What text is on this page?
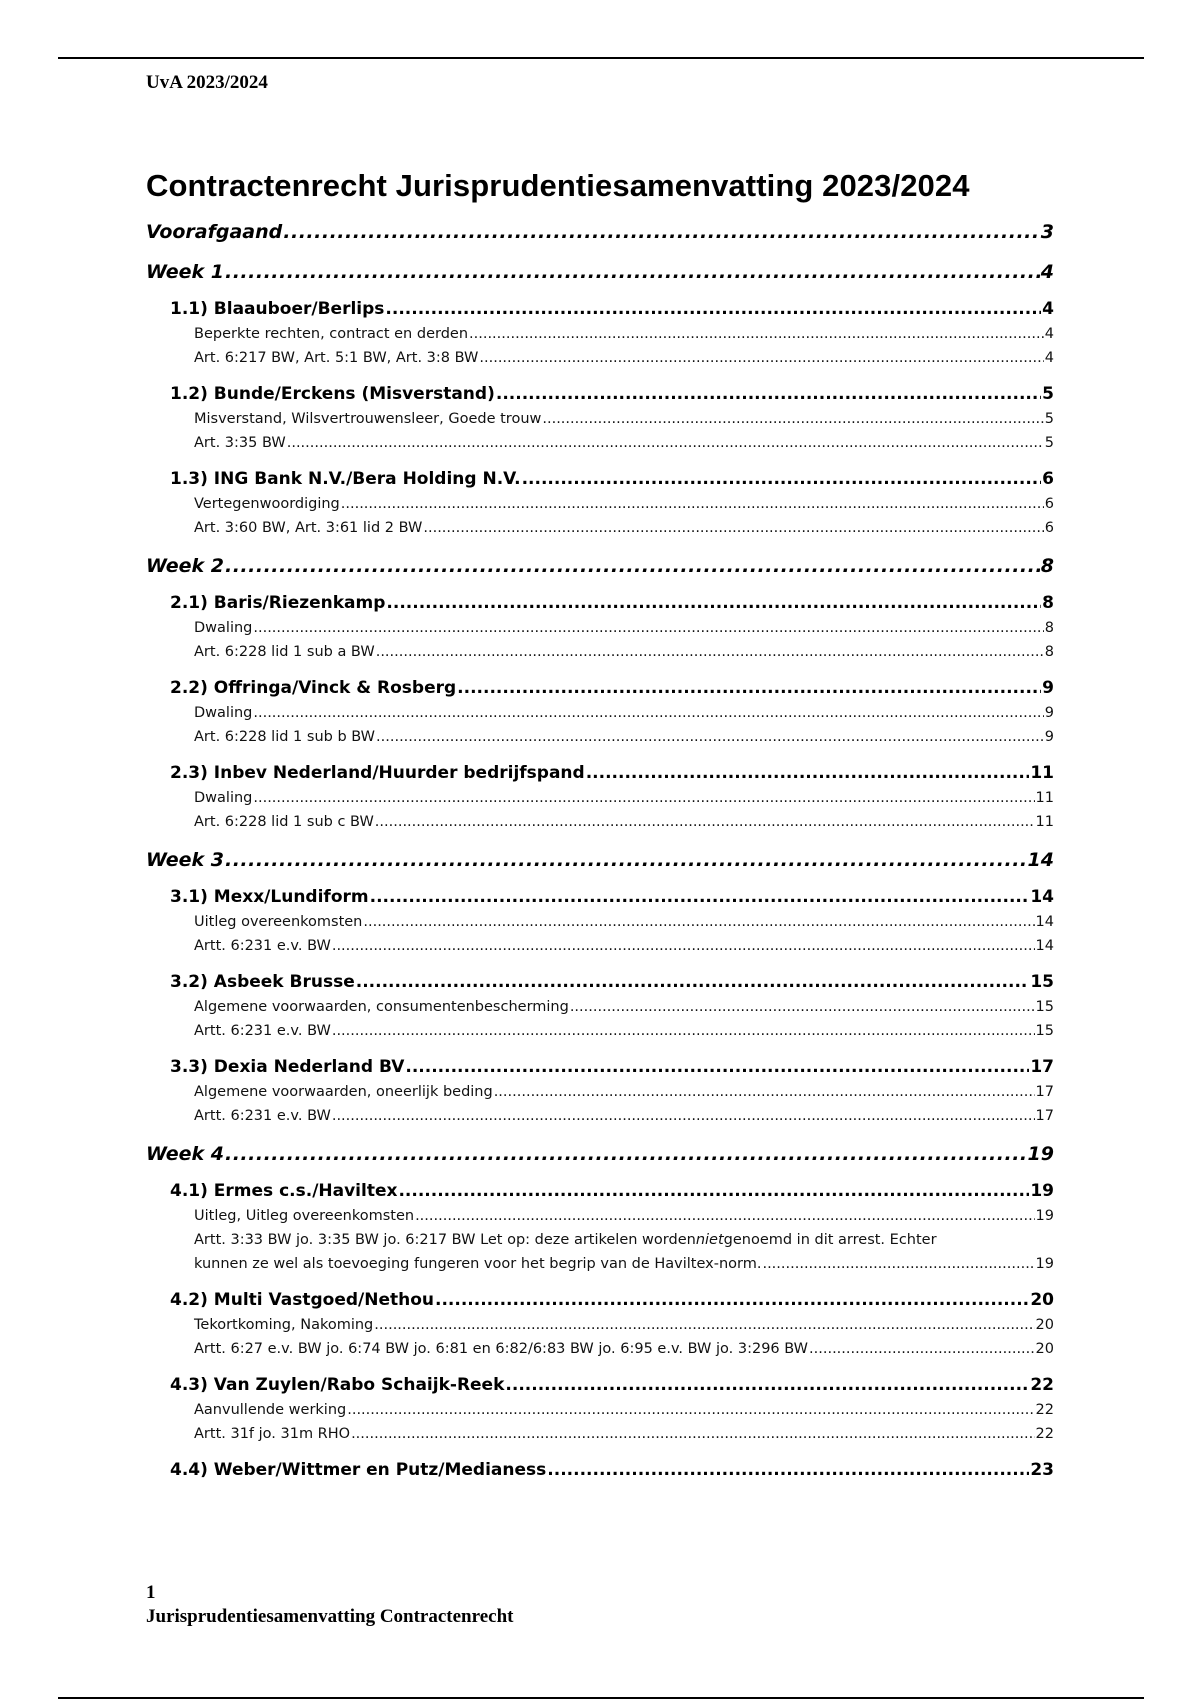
UvA 2023/2024
Contractenrecht Jurisprudentiesamenvatting 2023/2024
Voorafgaand .....	3
Week 1 .....	4
1.1) Blaauboer/Berlips .....	4
Beperkte rechten, contract en derden .....	4
Art. 6:217 BW, Art. 5:1 BW, Art. 3:8 BW .....	4
1.2) Bunde/Erckens (Misverstand) .....	5
Misverstand, Wilsvertrouwensleer, Goede trouw .....	5
Art. 3:35 BW .....	5
1.3) ING Bank N.V./Bera Holding N.V. .....	6
Vertegenwoordiging .....	6
Art. 3:60 BW, Art. 3:61 lid 2 BW .....	6
Week 2 .....	8
2.1) Baris/Riezenkamp .....	8
Dwaling .....	8
Art. 6:228 lid 1 sub a BW .....	8
2.2) Offringa/Vinck & Rosberg .....	9
Dwaling .....	9
Art. 6:228 lid 1 sub b BW .....	9
2.3) Inbev Nederland/Huurder bedrijfspand .....	11
Dwaling .....	11
Art. 6:228 lid 1 sub c BW .....	11
Week 3 .....	14
3.1) Mexx/Lundiform .....	14
Uitleg overeenkomsten .....	14
Artt. 6:231 e.v. BW .....	14
3.2) Asbeek Brusse .....	15
Algemene voorwaarden, consumentenbescherming .....	15
Artt. 6:231 e.v. BW .....	15
3.3) Dexia Nederland BV .....	17
Algemene voorwaarden, oneerlijk beding .....	17
Artt. 6:231 e.v. BW .....	17
Week 4 .....	19
4.1) Ermes c.s./Haviltex .....	19
Uitleg, Uitleg overeenkomsten .....	19
Artt. 3:33 BW jo. 3:35 BW jo. 6:217 BW Let op: deze artikelen worden niet genoemd in dit arrest. Echter
kunnen ze wel als toevoeging fungeren voor het begrip van de Haviltex-norm. .....	19
4.2) Multi Vastgoed/Nethou .....	20
Tekortkoming, Nakoming .....	20
Artt. 6:27 e.v. BW jo. 6:74 BW jo. 6:81 en 6:82/6:83 BW jo. 6:95 e.v. BW jo. 3:296 BW .....	20
4.3) Van Zuylen/Rabo Schaijk-Reek .....	22
Aanvullende werking .....	22
Artt. 31f jo. 31m RHO .....	22
4.4) Weber/Wittmer en Putz/Medianess .....	23
1
Jurisprudentiesamenvatting Contractenrecht
